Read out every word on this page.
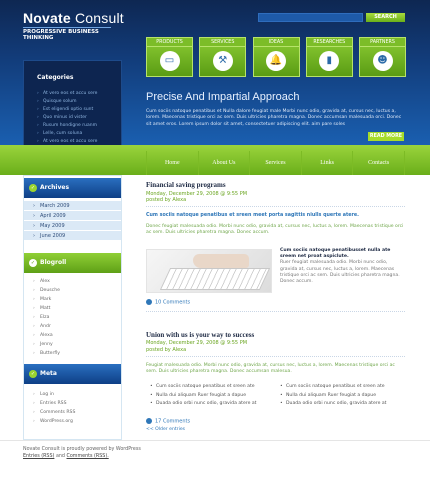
Novate Consult
PROGRESSIVE BUSINESS THINKING
SEARCH
PRODUCTS
▭
SERVICES
⚒
IDEAS
🔔
RESEARCHES
▮
PARTNERS
☻
Categories
› At vero eos et accu sere
› Quisque solum
› Est eligendi optio sunt
› Quo minus id vister
› Rusum hondigne ruanm
› Lelle, cum soluna
› At vero eos et accu sere
›
Precise And Impartial Approach
Cum sociis natoque penatibus et Nulla dalore feugiat male Morbi nunc odio, gravida at, cursus nec, luctus a, lorem. Maecenas tristique orci ac sem. Duis ultricies pharetra magna. Donec accumsan malesuada orci. Donec sit amet eros. Lorem ipsum dolor sit amet, consectetuer adipiscing elit. aim pare soles
READ MORE
Home	About Us	Services	Links	Contacts
✓ Archives
› March 2009
› April 2009
› May 2009
› June 2009
✓ Blogroll
› Alex
› Deusche
› Mark
› Matt
› Elza
› Andr
› Alexa
› Jenny
› Butterfly
✓ Meta
› Log in
› Entries RSS
› Comments RSS
› WordPress.org
Financial saving programs
Monday, December 29, 2008 @ 9:55 PM
posted by Alexa
Cum sociis natoque penatibus et sreen meet porta sagittis niulls querte atere.
Donec feugiat malesuada odio. Morbi nunc odio, gravida at, cursus nec, luctus a, lorem. Maecenas tristique orci ac sem. Duis ultricies pharetra magna. Donec accum.
Cum sociis natoque penatibusset nulla ate sreem net proat aspiclute.
Ruer feugiat malesuada odio. Morbi nunc odio, gravida at, cursus nec, luctus a, lorem. Maecenas tristique orci ac sem. Duis ultricies pharetra magna. Donec accum.
10 Comments
Union with us is your way to success
Monday, December 29, 2008 @ 9:55 PM
posted by Alexa
Feugiat malesuada odio. Morbi nunc odio, gravida at, cursus nec, luctus a, lorem. Maecenas tristique orci ac sem. Duis ultricies pharetra magna. Donec accumsan malesua.
• Cum sociis natoque penatibus et sreen ate
• Nulla dui aliquam Ruer feugiat a dapue
• Duada odio orbi nunc odio, gravida atere at
• Cum sociis natoque penatibus et sreen ate
• Nulla dui aliquam Ruer feugiat a dapue
• Duada odio orbi nunc odio, gravida atere at
17 Comments
<< Older entries
Novate Consult is proudly powered by WordPress
Entries (RSS) and Comments (RSS).
